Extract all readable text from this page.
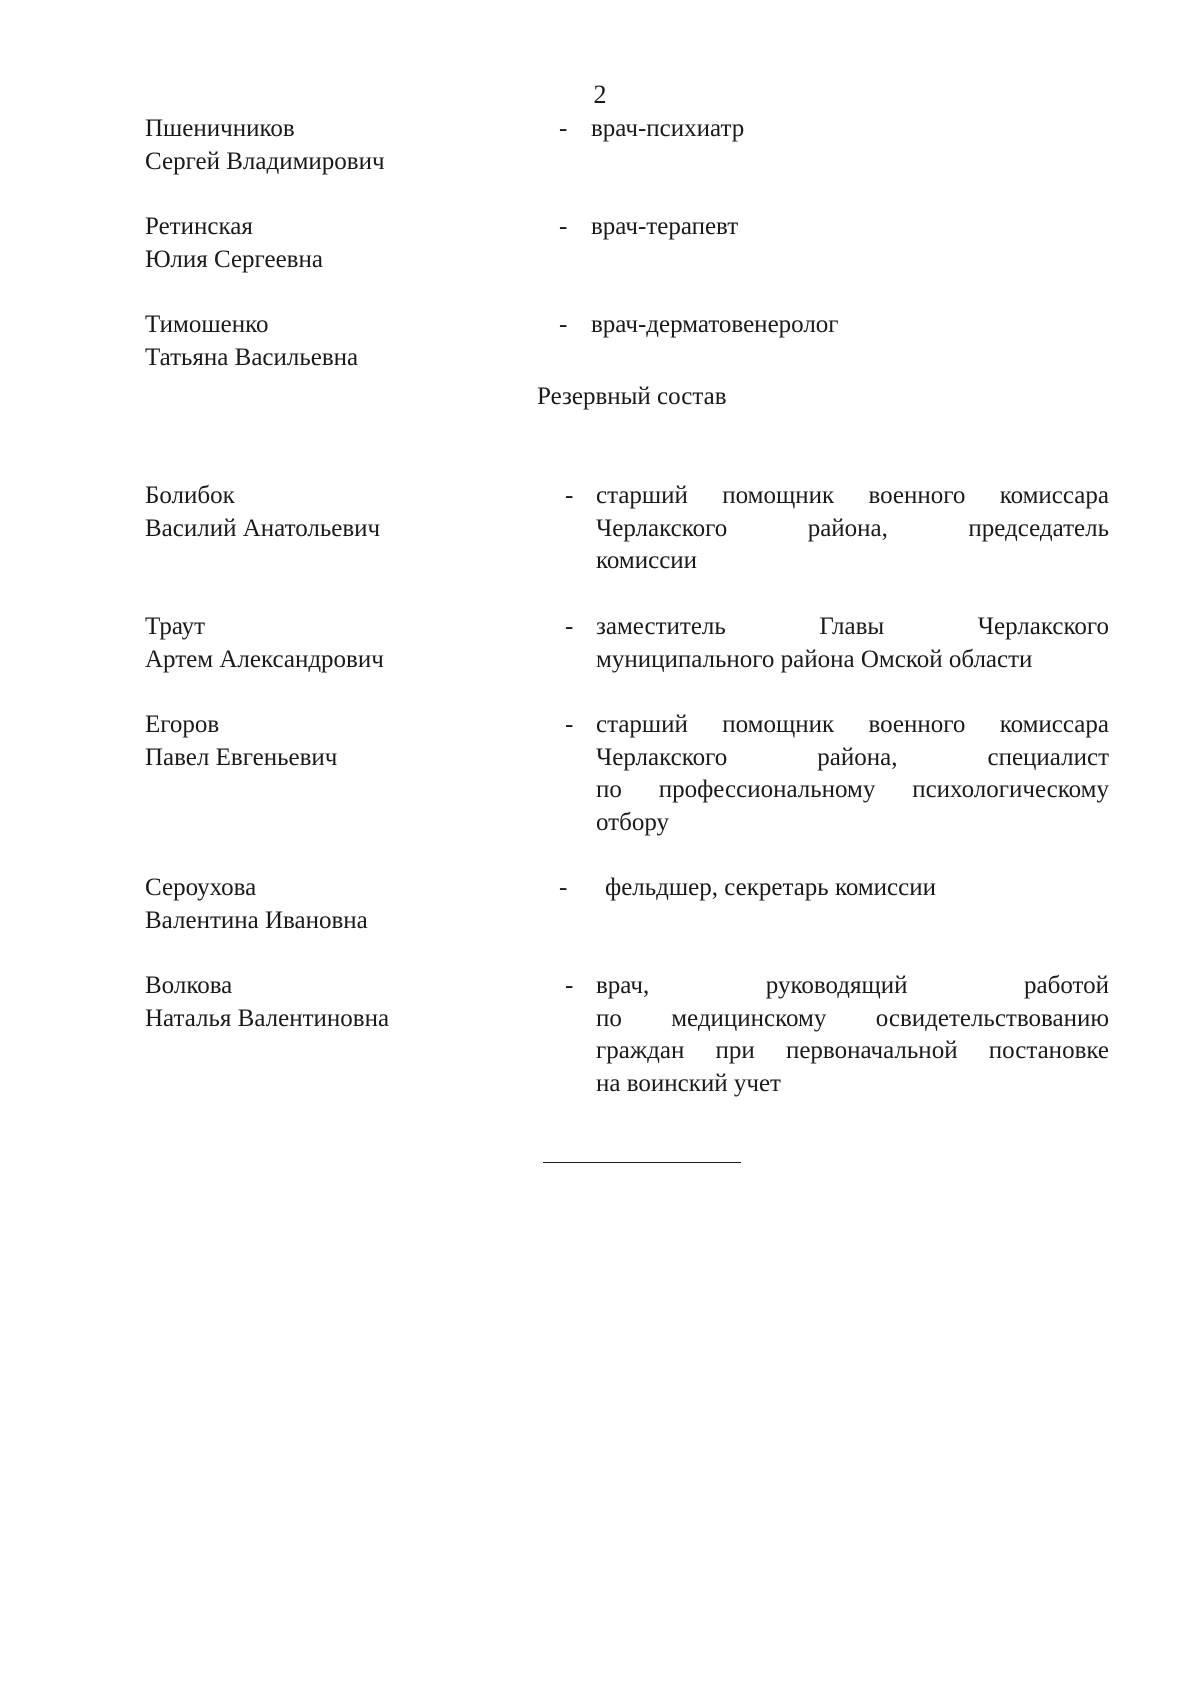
2
Пшеничников
Сергей Владимирович
- врач-психиатр
Ретинская
Юлия Сергеевна
- врач-терапевт
Тимошенко
Татьяна Васильевна
- врач-дерматовенеролог
Резервный состав
Болибок
Василий Анатольевич
- старший помощник военного комиссара
Черлакского района, председатель
комиссии
Траут
Артем Александрович
- заместитель Главы Черлакского
муниципального района Омской области
Егоров
Павел Евгеньевич
- старший помощник военного комиссара
Черлакского района, специалист
по профессиональному психологическому
отбору
Сероухова
Валентина Ивановна
- фельдшер, секретарь комиссии
Волкова
Наталья Валентиновна
- врач, руководящий работой
по медицинскому освидетельствованию
граждан при первоначальной постановке
на воинский учет
